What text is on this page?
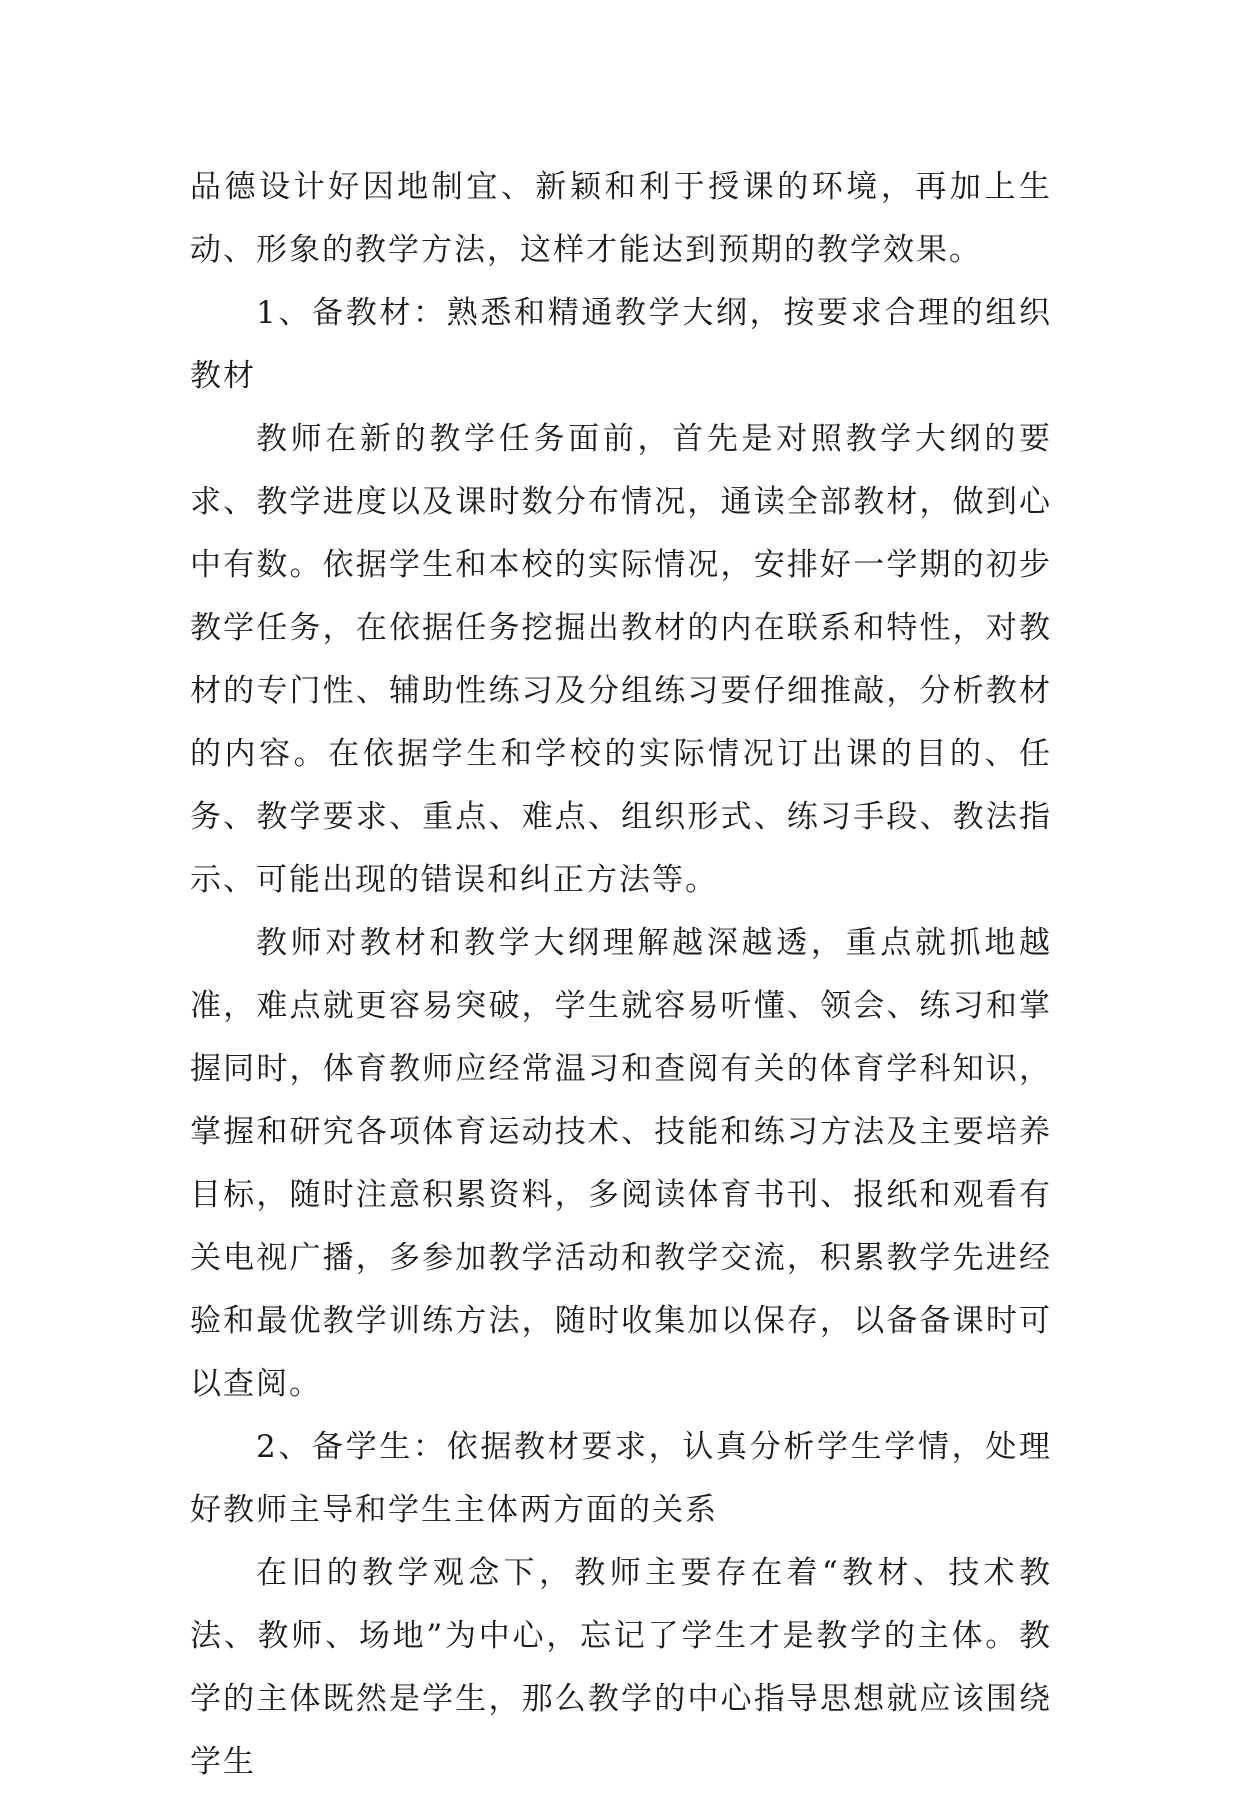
品德设计好因地制宜、新颖和利于授课的环境，再加上生动、形象的教学方法，这样才能达到预期的教学效果。

1、备教材：熟悉和精通教学大纲，按要求合理的组织教材

教师在新的教学任务面前，首先是对照教学大纲的要求、教学进度以及课时数分布情况，通读全部教材，做到心中有数。依据学生和本校的实际情况，安排好一学期的初步教学任务，在依据任务挖掘出教材的内在联系和特性，对教材的专门性、辅助性练习及分组练习要仔细推敲，分析教材的内容。在依据学生和学校的实际情况订出课的目的、任务、教学要求、重点、难点、组织形式、练习手段、教法指示、可能出现的错误和纠正方法等。

教师对教材和教学大纲理解越深越透，重点就抓地越准，难点就更容易突破，学生就容易听懂、领会、练习和掌握同时，体育教师应经常温习和查阅有关的体育学科知识，掌握和研究各项体育运动技术、技能和练习方法及主要培养目标，随时注意积累资料，多阅读体育书刊、报纸和观看有关电视广播，多参加教学活动和教学交流，积累教学先进经验和最优教学训练方法，随时收集加以保存，以备备课时可以查阅。

2、备学生：依据教材要求，认真分析学生学情，处理好教师主导和学生主体两方面的关系

在旧的教学观念下，教师主要存在着“教材、技术教法、教师、场地”为中心，忘记了学生才是教学的主体。教学的主体既然是学生，那么教学的中心指导思想就应该围绕学生
